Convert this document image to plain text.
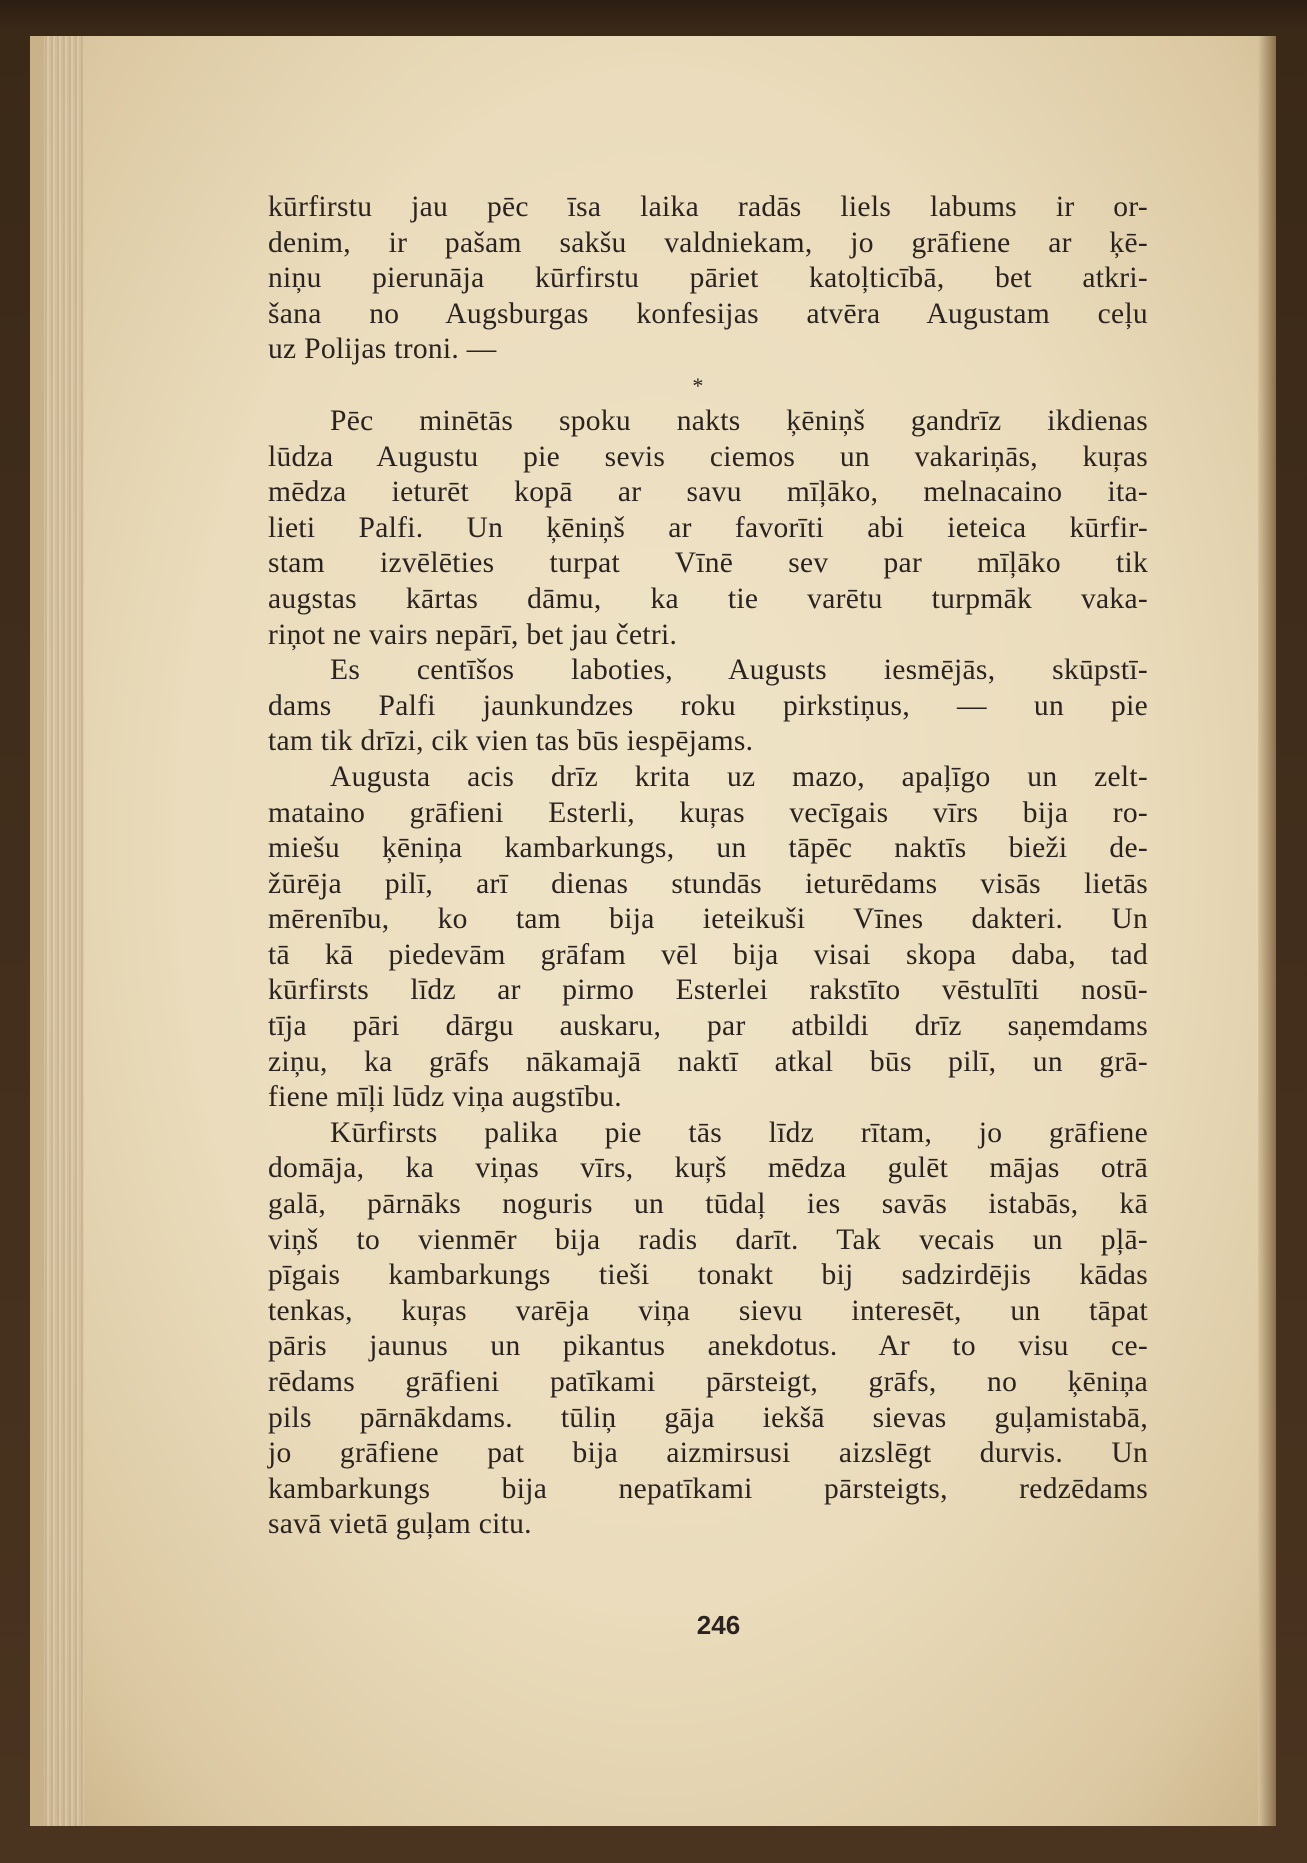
kūrfirstu jau pēc īsa laika radās liels labums ir or-
denim, ir pašam sakšu valdniekam, jo grāfiene ar ķē-
niņu pierunāja kūrfirstu pāriet katoļticībā, bet atkri-
šana no Augsburgas konfesijas atvēra Augustam ceļu
uz Polijas troni. —

*

Pēc minētās spoku nakts ķēniņš gandrīz ikdienas
lūdza Augustu pie sevis ciemos un vakariņās, kuŗas
mēdza ieturēt kopā ar savu mīļāko, melnacaino ita-
lieti Palfi. Un ķēniņš ar favorīti abi ieteica kūrfir-
stam izvēlēties turpat Vīnē sev par mīļāko tik
augstas kārtas dāmu, ka tie varētu turpmāk vaka-
riņot ne vairs nepārī, bet jau četri.

Es centīšos laboties, Augusts iesmējās, skūpstī-
dams Palfi jaunkundzes roku pirkstiņus, — un pie
tam tik drīzi, cik vien tas būs iespējams.

Augusta acis drīz krita uz mazo, apaļīgo un zelt-
mataino grāfieni Esterli, kuŗas vecīgais vīrs bija ro-
miešu ķēniņa kambarkungs, un tāpēc naktīs bieži de-
žūrēja pilī, arī dienas stundās ieturēdams visās lietās
mērenību, ko tam bija ieteikuši Vīnes dakteri. Un
tā kā piedevām grāfam vēl bija visai skopa daba, tad
kūrfirsts līdz ar pirmo Esterlei rakstīto vēstulīti nosū-
tīja pāri dārgu auskaru, par atbildi drīz saņemdams
ziņu, ka grāfs nākamajā naktī atkal būs pilī, un grā-
fiene mīļi lūdz viņa augstību.

Kūrfirsts palika pie tās līdz rītam, jo grāfiene
domāja, ka viņas vīrs, kuŗš mēdza gulēt mājas otrā
galā, pārnāks noguris un tūdaļ ies savās istabās, kā
viņš to vienmēr bija radis darīt. Tak vecais un pļā-
pīgais kambarkungs tieši tonakt bij sadzirdējis kādas
tenkas, kuŗas varēja viņa sievu interesēt, un tāpat
pāris jaunus un pikantus anekdotus. Ar to visu ce-
rēdams grāfieni patīkami pārsteigt, grāfs, no ķēniņa
pils pārnākdams. tūliņ gāja iekšā sievas guļamistabā,
jo grāfiene pat bija aizmirsusi aizslēgt durvis. Un
kambarkungs bija nepatīkami pārsteigts, redzēdams
savā vietā guļam citu.

246
